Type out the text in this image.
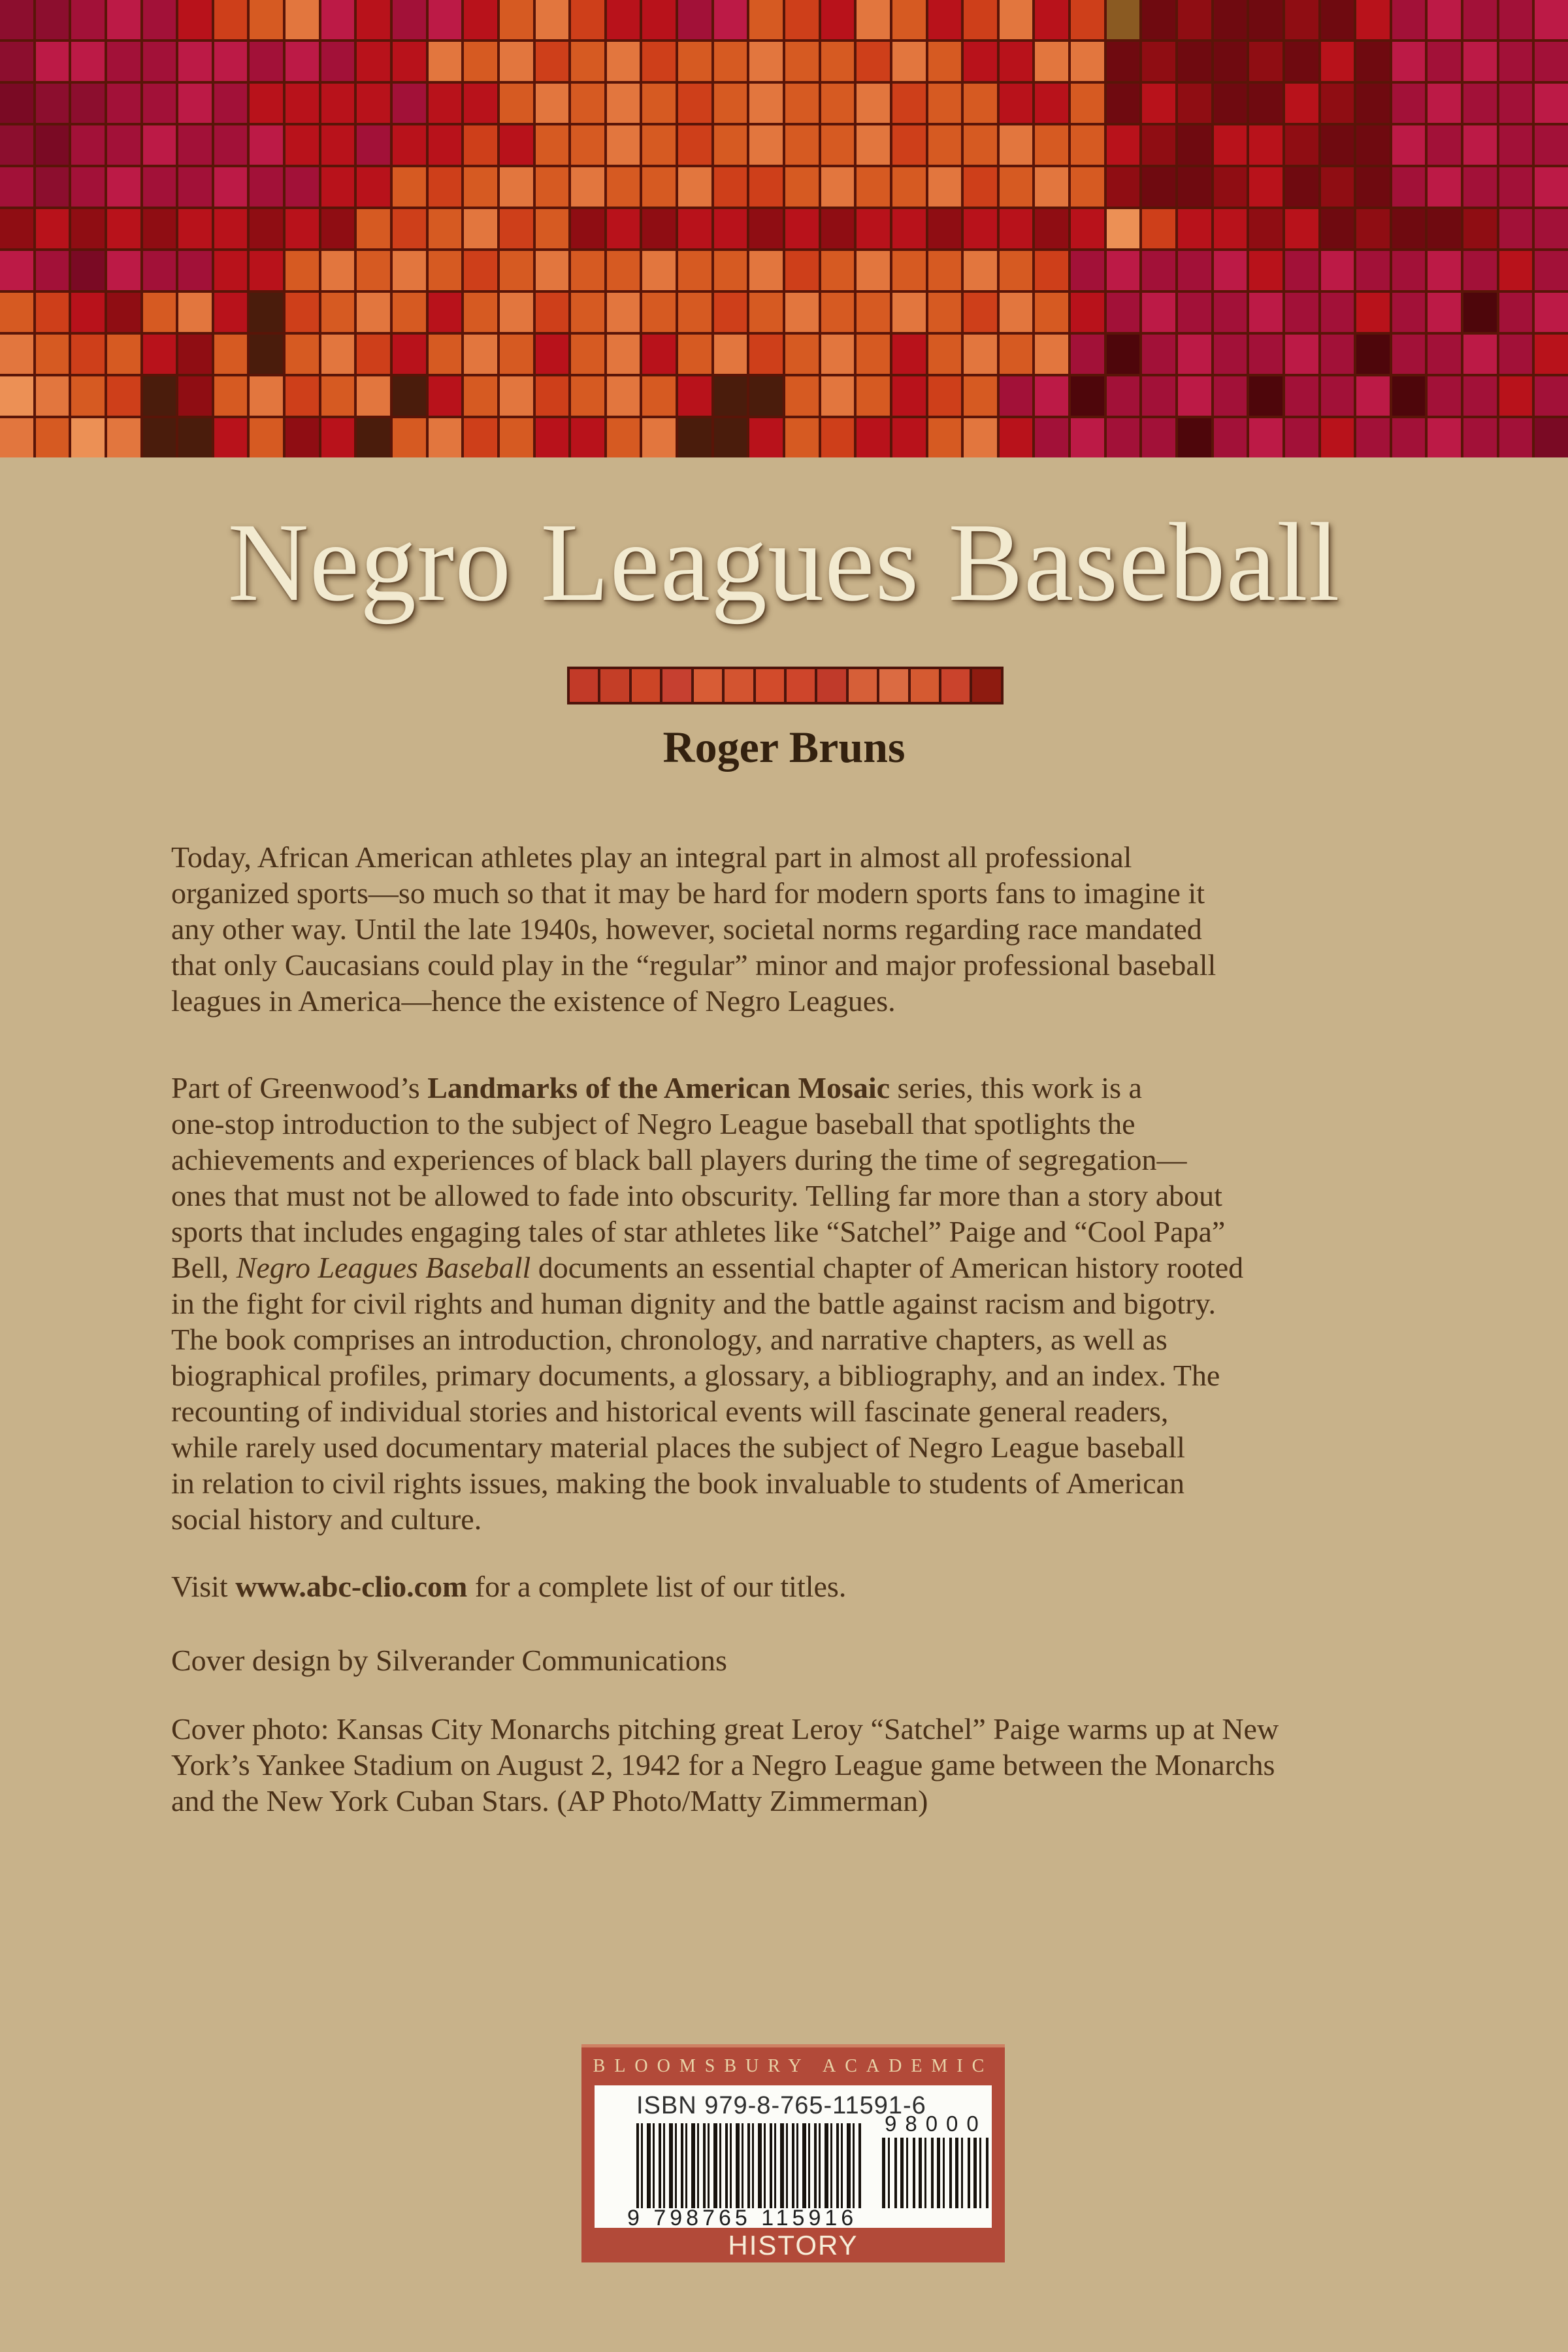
Negro Leagues Baseball
Roger Bruns
Today, African American athletes play an integral part in almost all professional
organized sports—so much so that it may be hard for modern sports fans to imagine it
any other way. Until the late 1940s, however, societal norms regarding race mandated
that only Caucasians could play in the “regular” minor and major professional baseball
leagues in America—hence the existence of Negro Leagues.
Part of Greenwood’s Landmarks of the American Mosaic series, this work is a
one-stop introduction to the subject of Negro League baseball that spotlights the
achievements and experiences of black ball players during the time of segregation—
ones that must not be allowed to fade into obscurity. Telling far more than a story about
sports that includes engaging tales of star athletes like “Satchel” Paige and “Cool Papa”
Bell, Negro Leagues Baseball documents an essential chapter of American history rooted
in the fight for civil rights and human dignity and the battle against racism and bigotry.
The book comprises an introduction, chronology, and narrative chapters, as well as
biographical profiles, primary documents, a glossary, a bibliography, and an index. The
recounting of individual stories and historical events will fascinate general readers,
while rarely used documentary material places the subject of Negro League baseball
in relation to civil rights issues, making the book invaluable to students of American
social history and culture.
Visit www.abc-clio.com for a complete list of our titles.
Cover design by Silverander Communications
Cover photo: Kansas City Monarchs pitching great Leroy “Satchel” Paige warms up at New
York’s Yankee Stadium on August 2, 1942 for a Negro League game between the Monarchs
and the New York Cuban Stars. (AP Photo/Matty Zimmerman)
BLOOMSBURY ACADEMIC
ISBN 979-8-765-11591-6
9 798765 115916
98000
HISTORY
